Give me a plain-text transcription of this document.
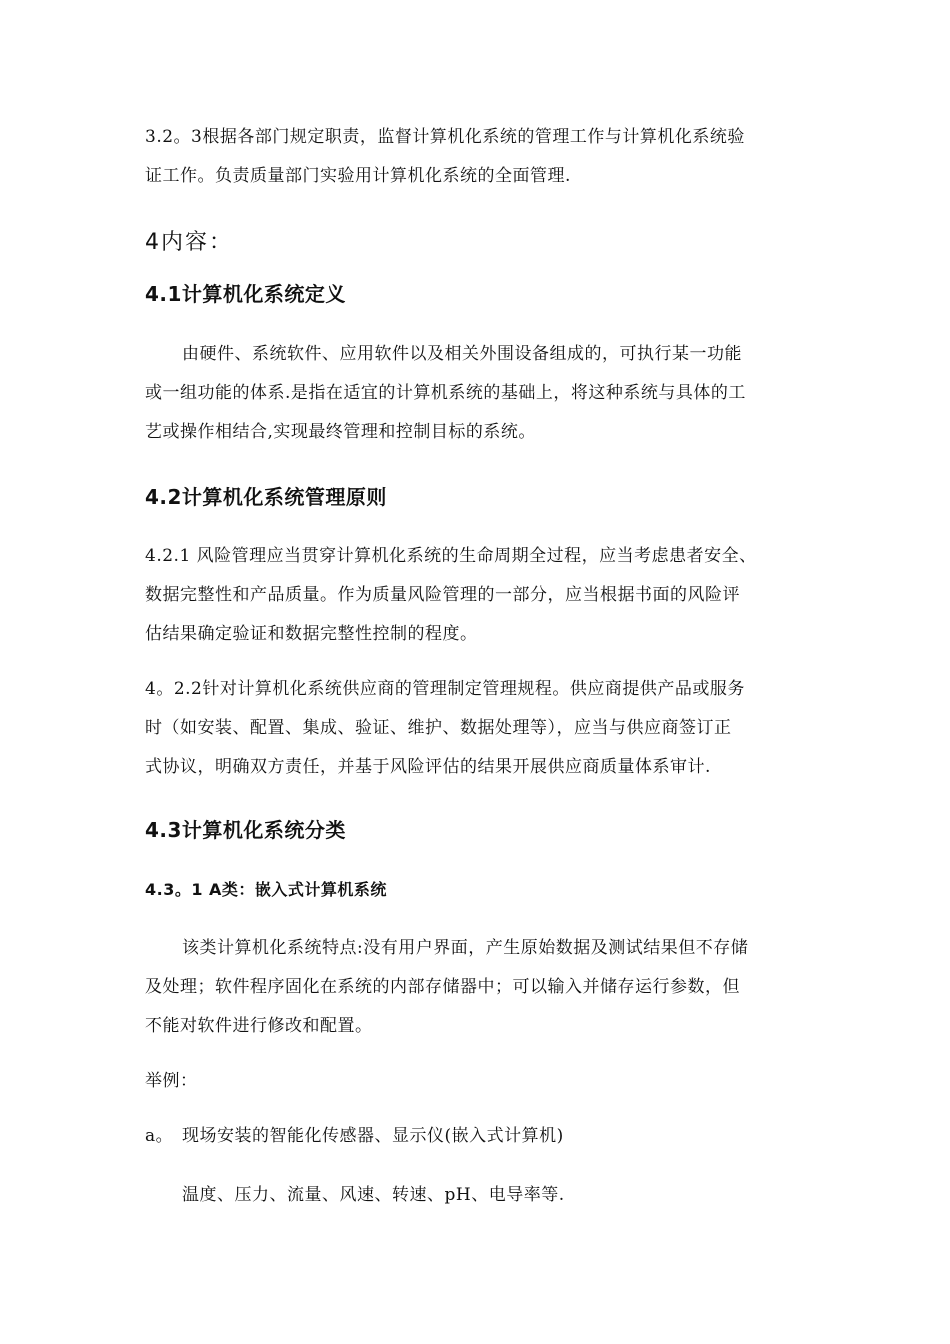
3.2。3根据各部门规定职责，监督计算机化系统的管理工作与计算机化系统验
证工作。负责质量部门实验用计算机化系统的全面管理.
4内容：
4.1计算机化系统定义
由硬件、系统软件、应用软件以及相关外围设备组成的，可执行某一功能
或一组功能的体系.是指在适宜的计算机系统的基础上，将这种系统与具体的工
艺或操作相结合,实现最终管理和控制目标的系统。
4.2计算机化系统管理原则
4.2.1 风险管理应当贯穿计算机化系统的生命周期全过程，应当考虑患者安全、
数据完整性和产品质量。作为质量风险管理的一部分，应当根据书面的风险评
估结果确定验证和数据完整性控制的程度。
4。2.2针对计算机化系统供应商的管理制定管理规程。供应商提供产品或服务
时（如安装、配置、集成、验证、维护、数据处理等），应当与供应商签订正
式协议，明确双方责任，并基于风险评估的结果开展供应商质量体系审计.
4.3计算机化系统分类
4.3。1 A类：嵌入式计算机系统
该类计算机化系统特点:没有用户界面，产生原始数据及测试结果但不存储
及处理；软件程序固化在系统的内部存储器中；可以输入并储存运行参数，但
不能对软件进行修改和配置。
举例：
a。 现场安装的智能化传感器、显示仪(嵌入式计算机)
温度、压力、流量、风速、转速、pH、电导率等.
